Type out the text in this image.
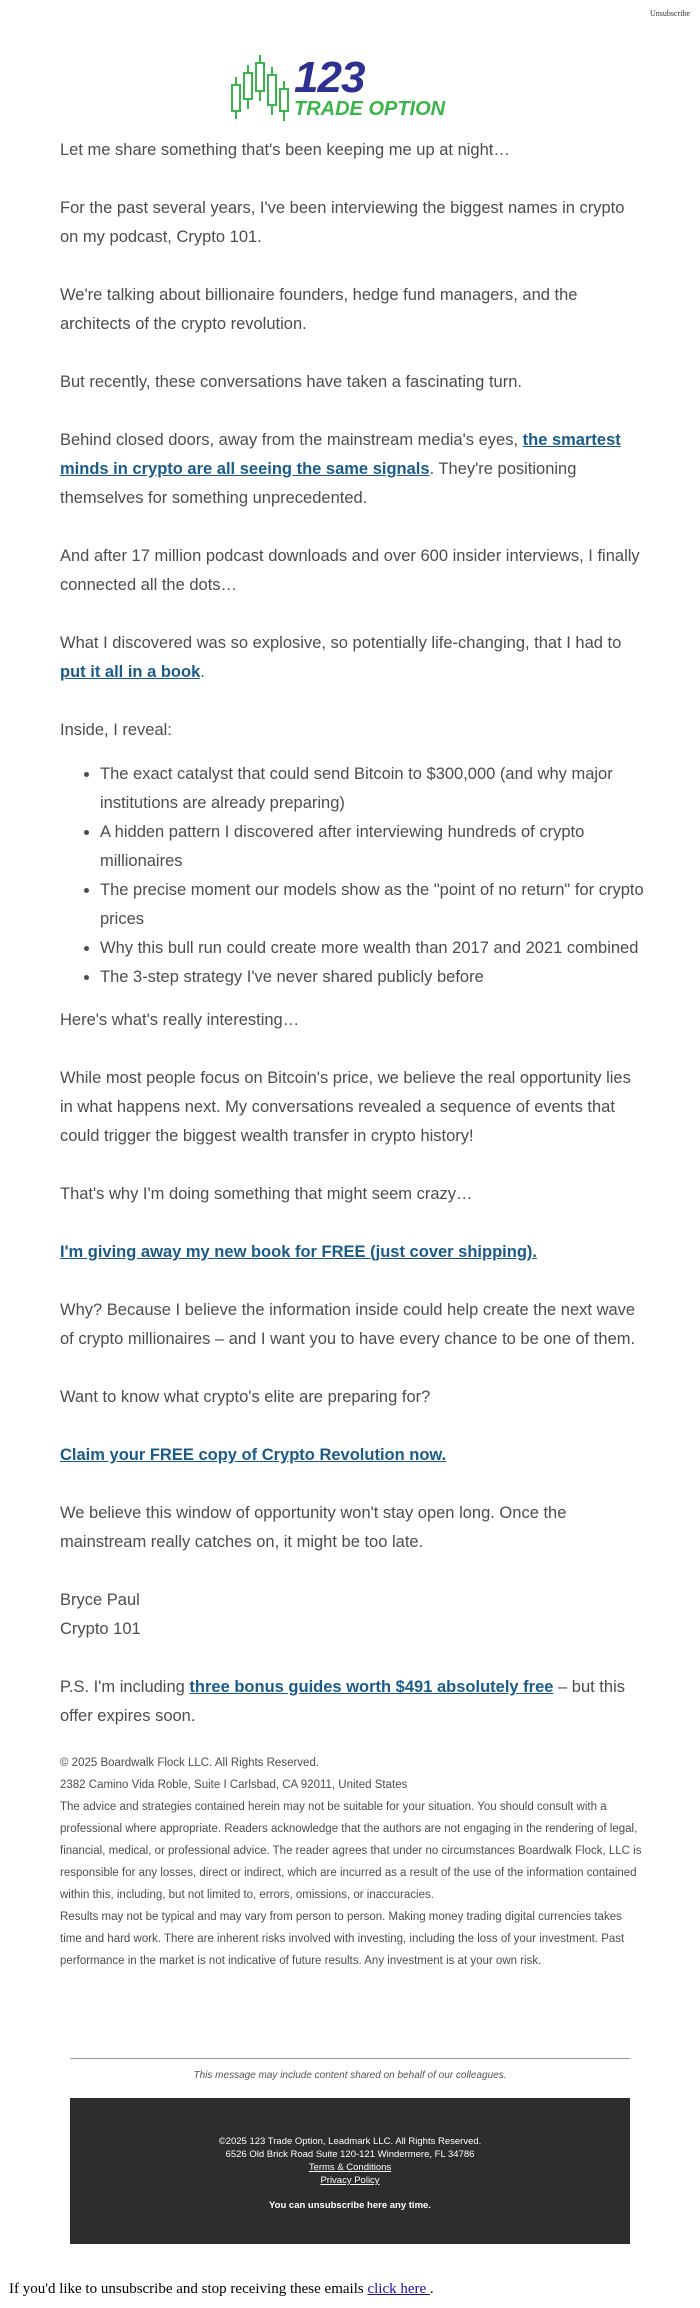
Unsubscribe
123
TRADE OPTION

Let me share something that's been keeping me up at night…

For the past several years, I've been interviewing the biggest names in crypto on my podcast, Crypto 101.

We're talking about billionaire founders, hedge fund managers, and the architects of the crypto revolution.

But recently, these conversations have taken a fascinating turn.

Behind closed doors, away from the mainstream media's eyes, the smartest minds in crypto are all seeing the same signals. They're positioning themselves for something unprecedented.

And after 17 million podcast downloads and over 600 insider interviews, I finally connected all the dots…

What I discovered was so explosive, so potentially life-changing, that I had to put it all in a book.

Inside, I reveal:

• The exact catalyst that could send Bitcoin to $300,000 (and why major institutions are already preparing)
• A hidden pattern I discovered after interviewing hundreds of crypto millionaires
• The precise moment our models show as the "point of no return" for crypto prices
• Why this bull run could create more wealth than 2017 and 2021 combined
• The 3-step strategy I've never shared publicly before

Here's what's really interesting…

While most people focus on Bitcoin's price, we believe the real opportunity lies in what happens next. My conversations revealed a sequence of events that could trigger the biggest wealth transfer in crypto history!

That's why I'm doing something that might seem crazy…

I'm giving away my new book for FREE (just cover shipping).

Why? Because I believe the information inside could help create the next wave of crypto millionaires – and I want you to have every chance to be one of them.

Want to know what crypto's elite are preparing for?

Claim your FREE copy of Crypto Revolution now.

We believe this window of opportunity won't stay open long. Once the mainstream really catches on, it might be too late.

Bryce Paul
Crypto 101

P.S. I'm including three bonus guides worth $491 absolutely free – but this offer expires soon.

© 2025 Boardwalk Flock LLC. All Rights Reserved.

2382 Camino Vida Roble, Suite I Carlsbad, CA 92011, United States

The advice and strategies contained herein may not be suitable for your situation. You should consult with a professional where appropriate. Readers acknowledge that the authors are not engaging in the rendering of legal, financial, medical, or professional advice. The reader agrees that under no circumstances Boardwalk Flock, LLC is responsible for any losses, direct or indirect, which are incurred as a result of the use of the information contained within this, including, but not limited to, errors, omissions, or inaccuracies.

Results may not be typical and may vary from person to person. Making money trading digital currencies takes time and hard work. There are inherent risks involved with investing, including the loss of your investment. Past performance in the market is not indicative of future results. Any investment is at your own risk.

This message may include content shared on behalf of our colleagues.
©2025 123 Trade Option, Leadmark LLC. All Rights Reserved.
6526 Old Brick Road Suite 120-121 Windermere, FL 34786
Terms & Conditions
Privacy Policy
You can unsubscribe here any time.
If you'd like to unsubscribe and stop receiving these emails click here .
